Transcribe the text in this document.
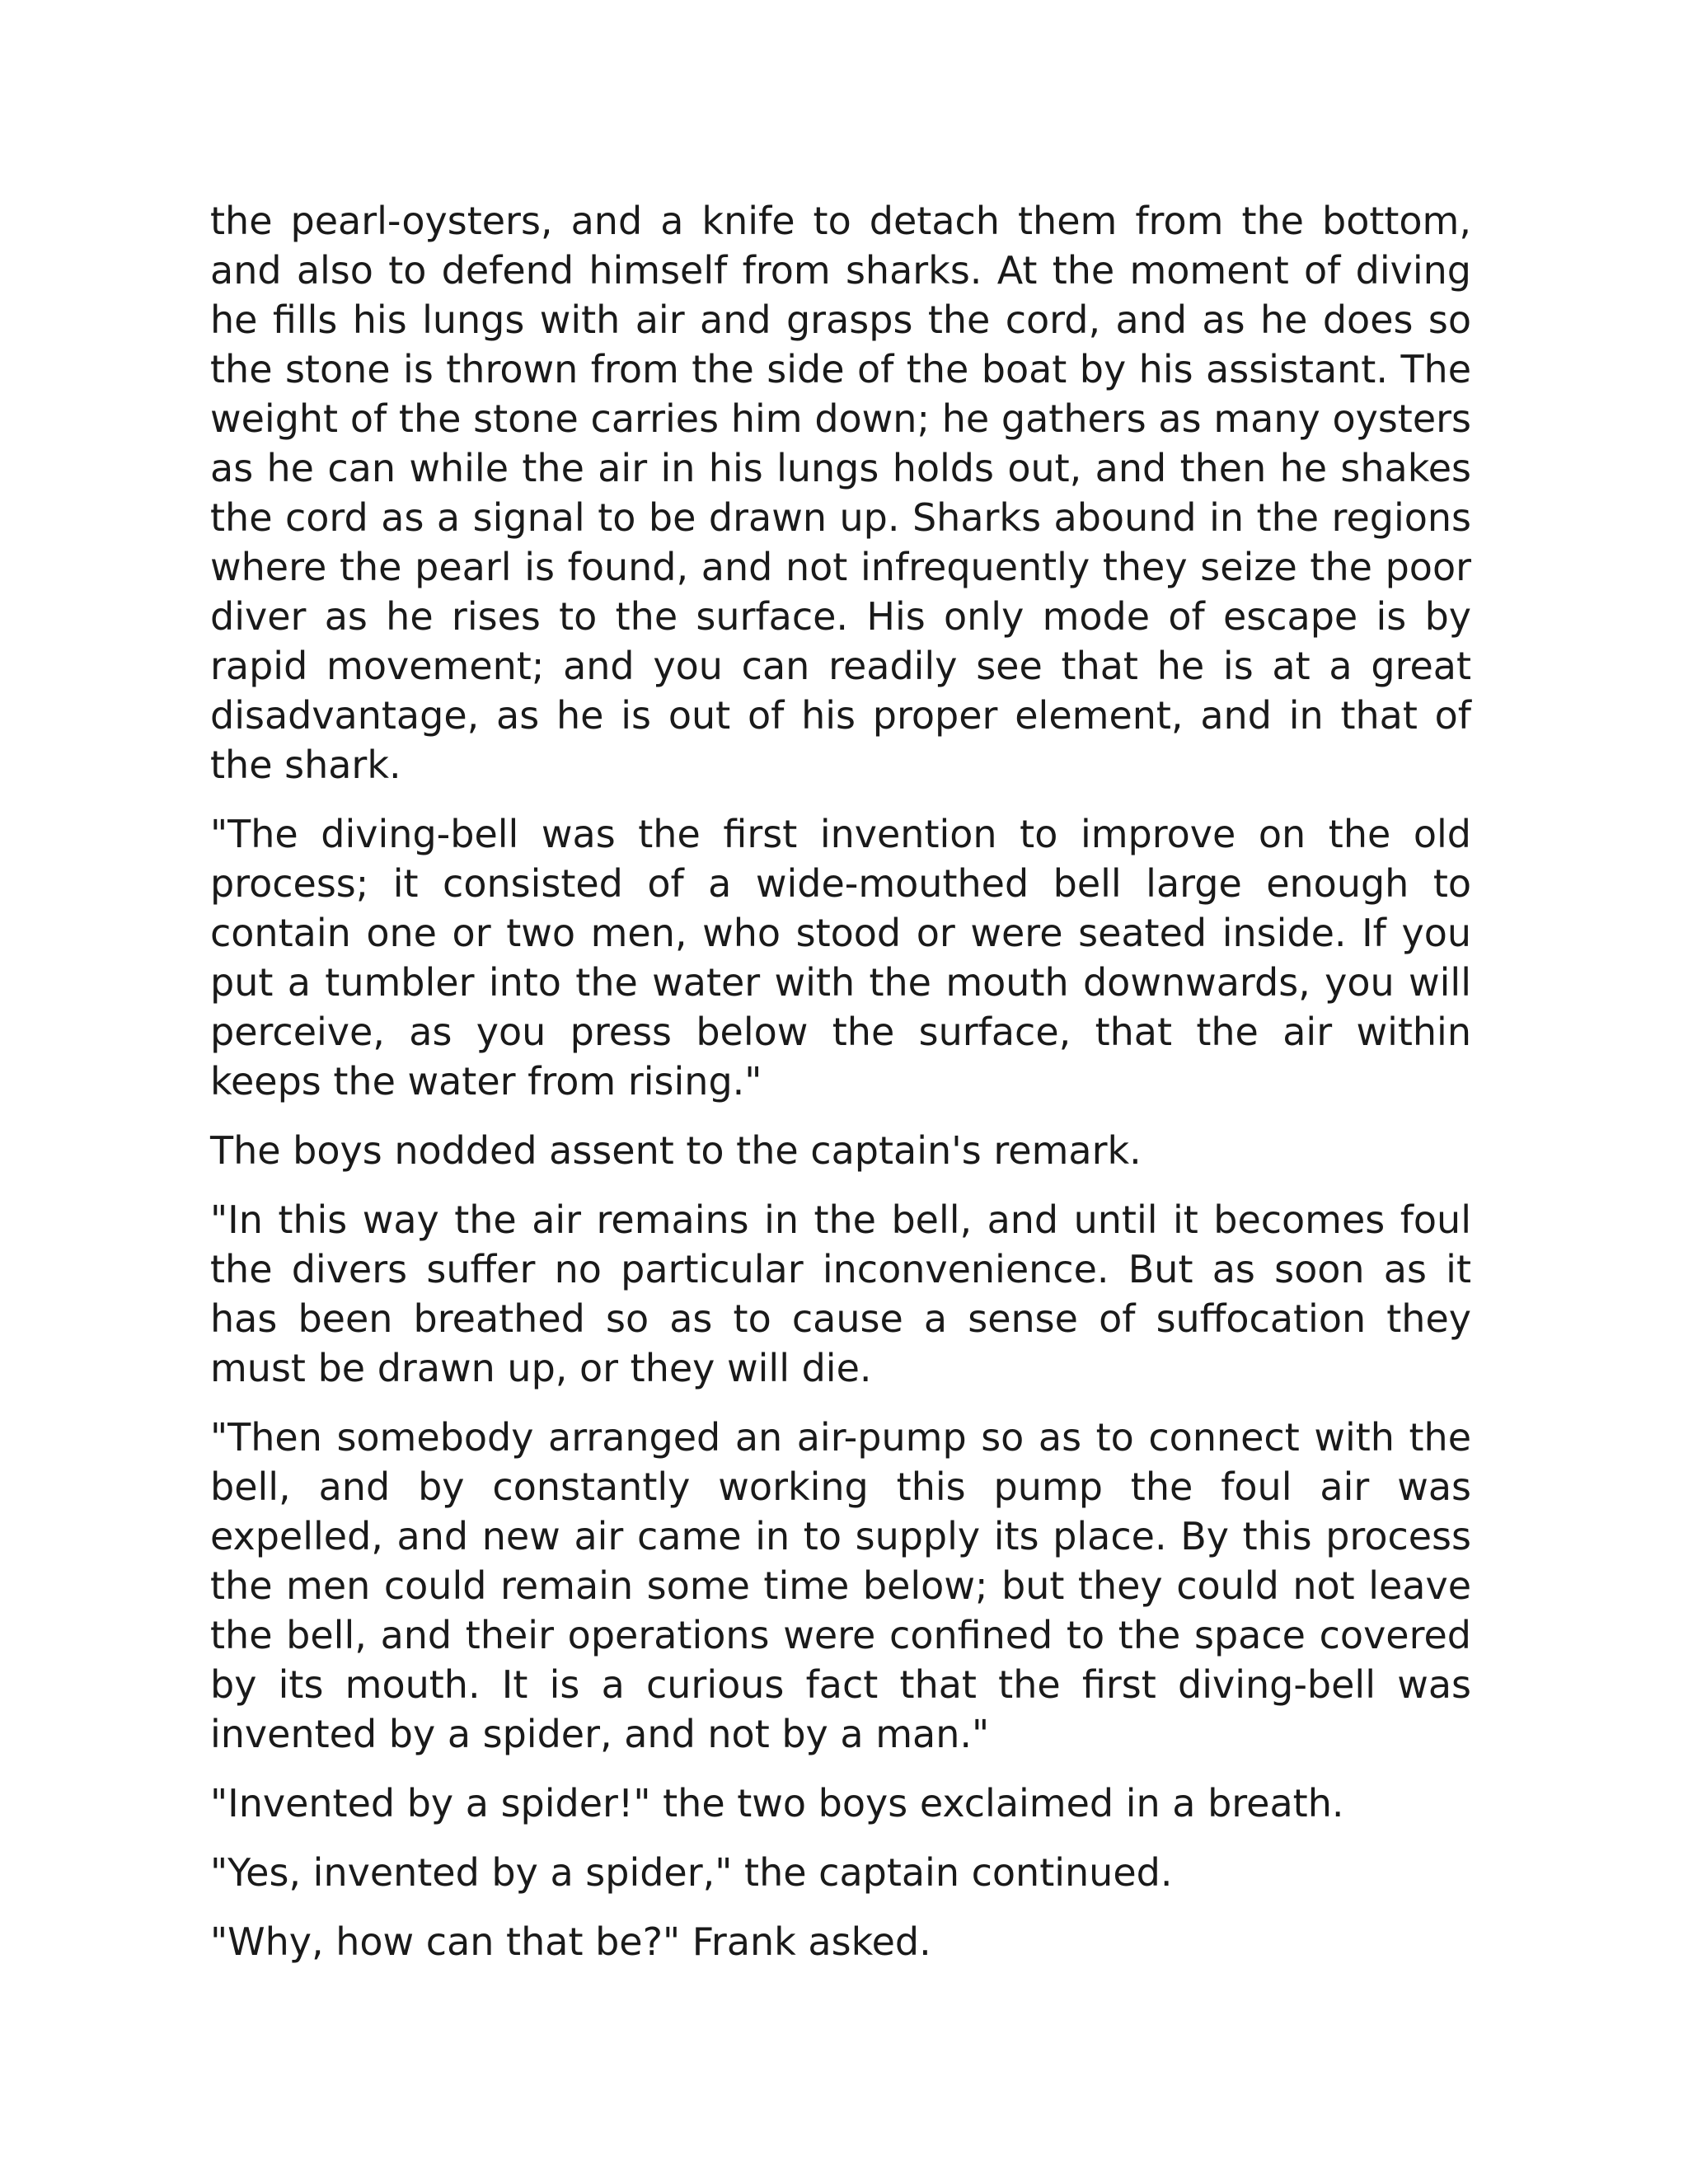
the pearl-oysters, and a knife to detach them from the bottom, and also to defend himself from sharks. At the moment of diving he fills his lungs with air and grasps the cord, and as he does so the stone is thrown from the side of the boat by his assistant. The weight of the stone carries him down; he gathers as many oysters as he can while the air in his lungs holds out, and then he shakes the cord as a signal to be drawn up. Sharks abound in the regions where the pearl is found, and not infrequently they seize the poor diver as he rises to the surface. His only mode of escape is by rapid movement; and you can readily see that he is at a great disadvantage, as he is out of his proper element, and in that of the shark.

"The diving-bell was the first invention to improve on the old process; it consisted of a wide-mouthed bell large enough to contain one or two men, who stood or were seated inside. If you put a tumbler into the water with the mouth downwards, you will perceive, as you press below the surface, that the air within keeps the water from rising."

The boys nodded assent to the captain's remark.

"In this way the air remains in the bell, and until it becomes foul the divers suffer no particular inconvenience. But as soon as it has been breathed so as to cause a sense of suffocation they must be drawn up, or they will die.

"Then somebody arranged an air-pump so as to connect with the bell, and by constantly working this pump the foul air was expelled, and new air came in to supply its place. By this process the men could remain some time below; but they could not leave the bell, and their operations were confined to the space covered by its mouth. It is a curious fact that the first diving-bell was invented by a spider, and not by a man."

"Invented by a spider!" the two boys exclaimed in a breath.

"Yes, invented by a spider," the captain continued.

"Why, how can that be?" Frank asked.
